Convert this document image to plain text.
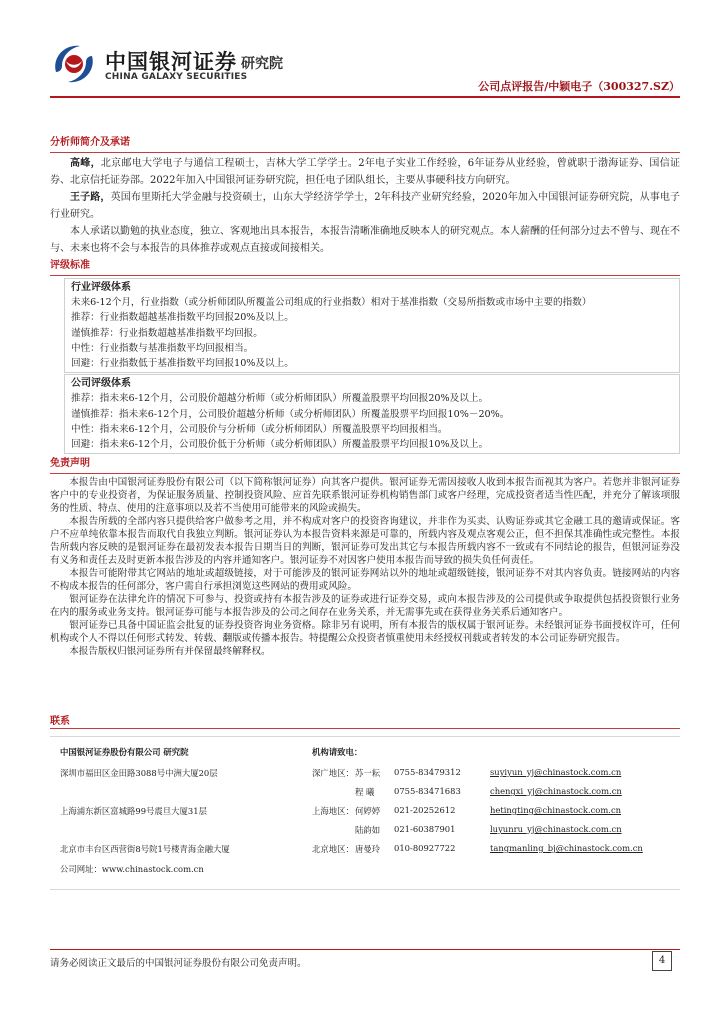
中国银河证券
CHINA GALAXY SECURITIES
研究院
公司点评报告/中颖电子（300327.SZ）
分析师简介及承诺

高峰，北京邮电大学电子与通信工程硕士，吉林大学工学学士。2年电子实业工作经验，6年证券从业经验，曾就职于渤海证券、国信证券、北京信托证券部。2022年加入中国银河证券研究院，担任电子团队组长，主要从事硬科技方向研究。

王子路，英国布里斯托大学金融与投资硕士，山东大学经济学学士，2年科技产业研究经验，2020年加入中国银河证券研究院，从事电子行业研究。

本人承诺以勤勉的执业态度，独立、客观地出具本报告，本报告清晰准确地反映本人的研究观点。本人薪酬的任何部分过去不曾与、现在不与、未来也将不会与本报告的具体推荐或观点直接或间接相关。

评级标准
行业评级体系
未来6-12个月，行业指数（或分析师团队所覆盖公司组成的行业指数）相对于基准指数（交易所指数或市场中主要的指数）
推荐：行业指数超越基准指数平均回报20%及以上。
谨慎推荐：行业指数超越基准指数平均回报。
中性：行业指数与基准指数平均回报相当。
回避：行业指数低于基准指数平均回报10%及以上。
公司评级体系
推荐：指未来6-12个月，公司股价超越分析师（或分析师团队）所覆盖股票平均回报20%及以上。
谨慎推荐：指未来6-12个月，公司股价超越分析师（或分析师团队）所覆盖股票平均回报10%－20%。
中性：指未来6-12个月，公司股价与分析师（或分析师团队）所覆盖股票平均回报相当。
回避：指未来6-12个月，公司股价低于分析师（或分析师团队）所覆盖股票平均回报10%及以上。
免责声明

本报告由中国银河证券股份有限公司（以下简称银河证券）向其客户提供。银河证券无需因接收人收到本报告而视其为客户。若您并非银河证券客户中的专业投资者，为保证服务质量、控制投资风险、应首先联系银河证券机构销售部门或客户经理，完成投资者适当性匹配，并充分了解该项服务的性质、特点、使用的注意事项以及若不当使用可能带来的风险或损失。

本报告所载的全部内容只提供给客户做参考之用，并不构成对客户的投资咨询建议，并非作为买卖、认购证券或其它金融工具的邀请或保证。客户不应单纯依靠本报告而取代自我独立判断。银河证券认为本报告资料来源是可靠的，所载内容及观点客观公正，但不担保其准确性或完整性。本报告所载内容反映的是银河证券在最初发表本报告日期当日的判断，银河证券可发出其它与本报告所载内容不一致或有不同结论的报告，但银河证券没有义务和责任去及时更新本报告涉及的内容并通知客户。银河证券不对因客户使用本报告而导致的损失负任何责任。

本报告可能附带其它网站的地址或超级链接，对于可能涉及的银河证券网站以外的地址或超级链接，银河证券不对其内容负责。链接网站的内容不构成本报告的任何部分，客户需自行承担浏览这些网站的费用或风险。

银河证券在法律允许的情况下可参与、投资或持有本报告涉及的证券或进行证券交易，或向本报告涉及的公司提供或争取提供包括投资银行业务在内的服务或业务支持。银河证券可能与本报告涉及的公司之间存在业务关系，并无需事先或在获得业务关系后通知客户。

银河证券已具备中国证监会批复的证券投资咨询业务资格。除非另有说明，所有本报告的版权属于银河证券。未经银河证券书面授权许可，任何机构或个人不得以任何形式转发、转载、翻版或传播本报告。特提醒公众投资者慎重使用未经授权刊载或者转发的本公司证券研究报告。

本报告版权归银河证券所有并保留最终解释权。

联系
中国银河证券股份有限公司 研究院
深圳市福田区金田路3088号中洲大厦20层
上海浦东新区富城路99号震旦大厦31层
北京市丰台区西营街8号院1号楼青海金融大厦
公司网址：www.chinastock.com.cn
机构请致电：
深广地区： 苏一耘 0755-83479312	suyiyun_yj@chinastock.com.cn
程 曦 0755-83471683	chengxi_yj@chinastock.com.cn
上海地区： 何婷婷 021-20252612	hetingting@chinastock.com.cn
陆韵如 021-60387901	luyunru_yj@chinastock.com.cn
北京地区： 唐曼玲 010-80927722	tangmanling_bj@chinastock.com.cn
请务必阅读正文最后的中国银河证券股份有限公司免责声明。	4
